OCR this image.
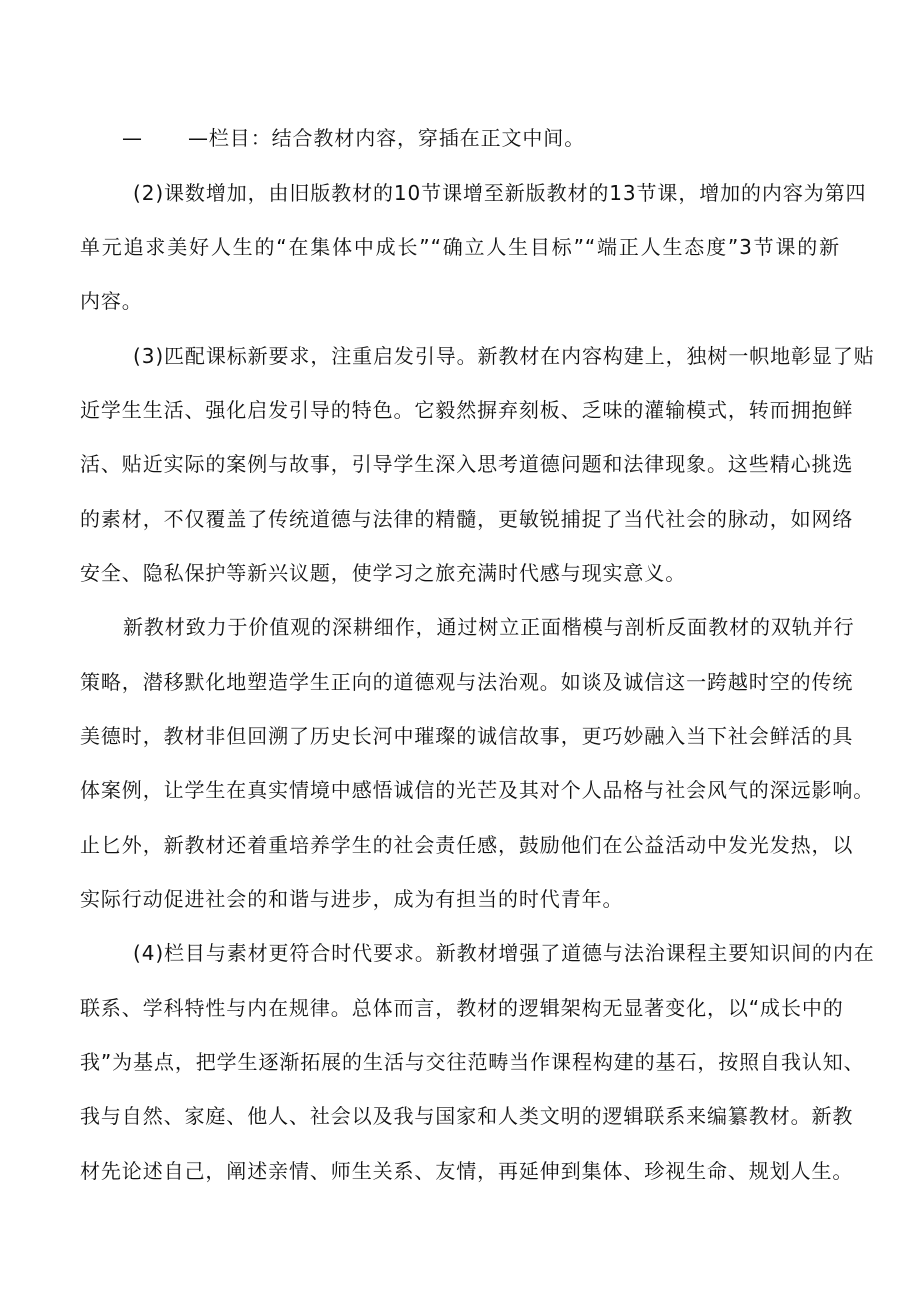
— —栏目：结合教材内容，穿插在正文中间。
(2)课数增加，由旧版教材的10节课增至新版教材的13节课，增加的内容为第四
单元追求美好人生的“在集体中成长”“确立人生目标”“端正人生态度”3节课的新
内容。
(3)匹配课标新要求，注重启发引导。新教材在内容构建上，独树一帜地彰显了贴
近学生生活、强化启发引导的特色。它毅然摒弃刻板、乏味的灌输模式，转而拥抱鲜
活、贴近实际的案例与故事，引导学生深入思考道德问题和法律现象。这些精心挑选
的素材，不仅覆盖了传统道德与法律的精髓，更敏锐捕捉了当代社会的脉动，如网络
安全、隐私保护等新兴议题，使学习之旅充满时代感与现实意义。
新教材致力于价值观的深耕细作，通过树立正面楷模与剖析反面教材的双轨并行
策略，潜移默化地塑造学生正向的道德观与法治观。如谈及诚信这一跨越时空的传统
美德时，教材非但回溯了历史长河中璀璨的诚信故事，更巧妙融入当下社会鲜活的具
体案例，让学生在真实情境中感悟诚信的光芒及其对个人品格与社会风气的深远影响。
止匕外，新教材还着重培养学生的社会责任感，鼓励他们在公益活动中发光发热，以
实际行动促进社会的和谐与进步，成为有担当的时代青年。
(4)栏目与素材更符合时代要求。新教材增强了道德与法治课程主要知识间的内在
联系、学科特性与内在规律。总体而言，教材的逻辑架构无显著变化，以“成长中的
我”为基点，把学生逐渐拓展的生活与交往范畴当作课程构建的基石，按照自我认知、
我与自然、家庭、他人、社会以及我与国家和人类文明的逻辑联系来编纂教材。新教
材先论述自己，阐述亲情、师生关系、友情，再延伸到集体、珍视生命、规划人生。
